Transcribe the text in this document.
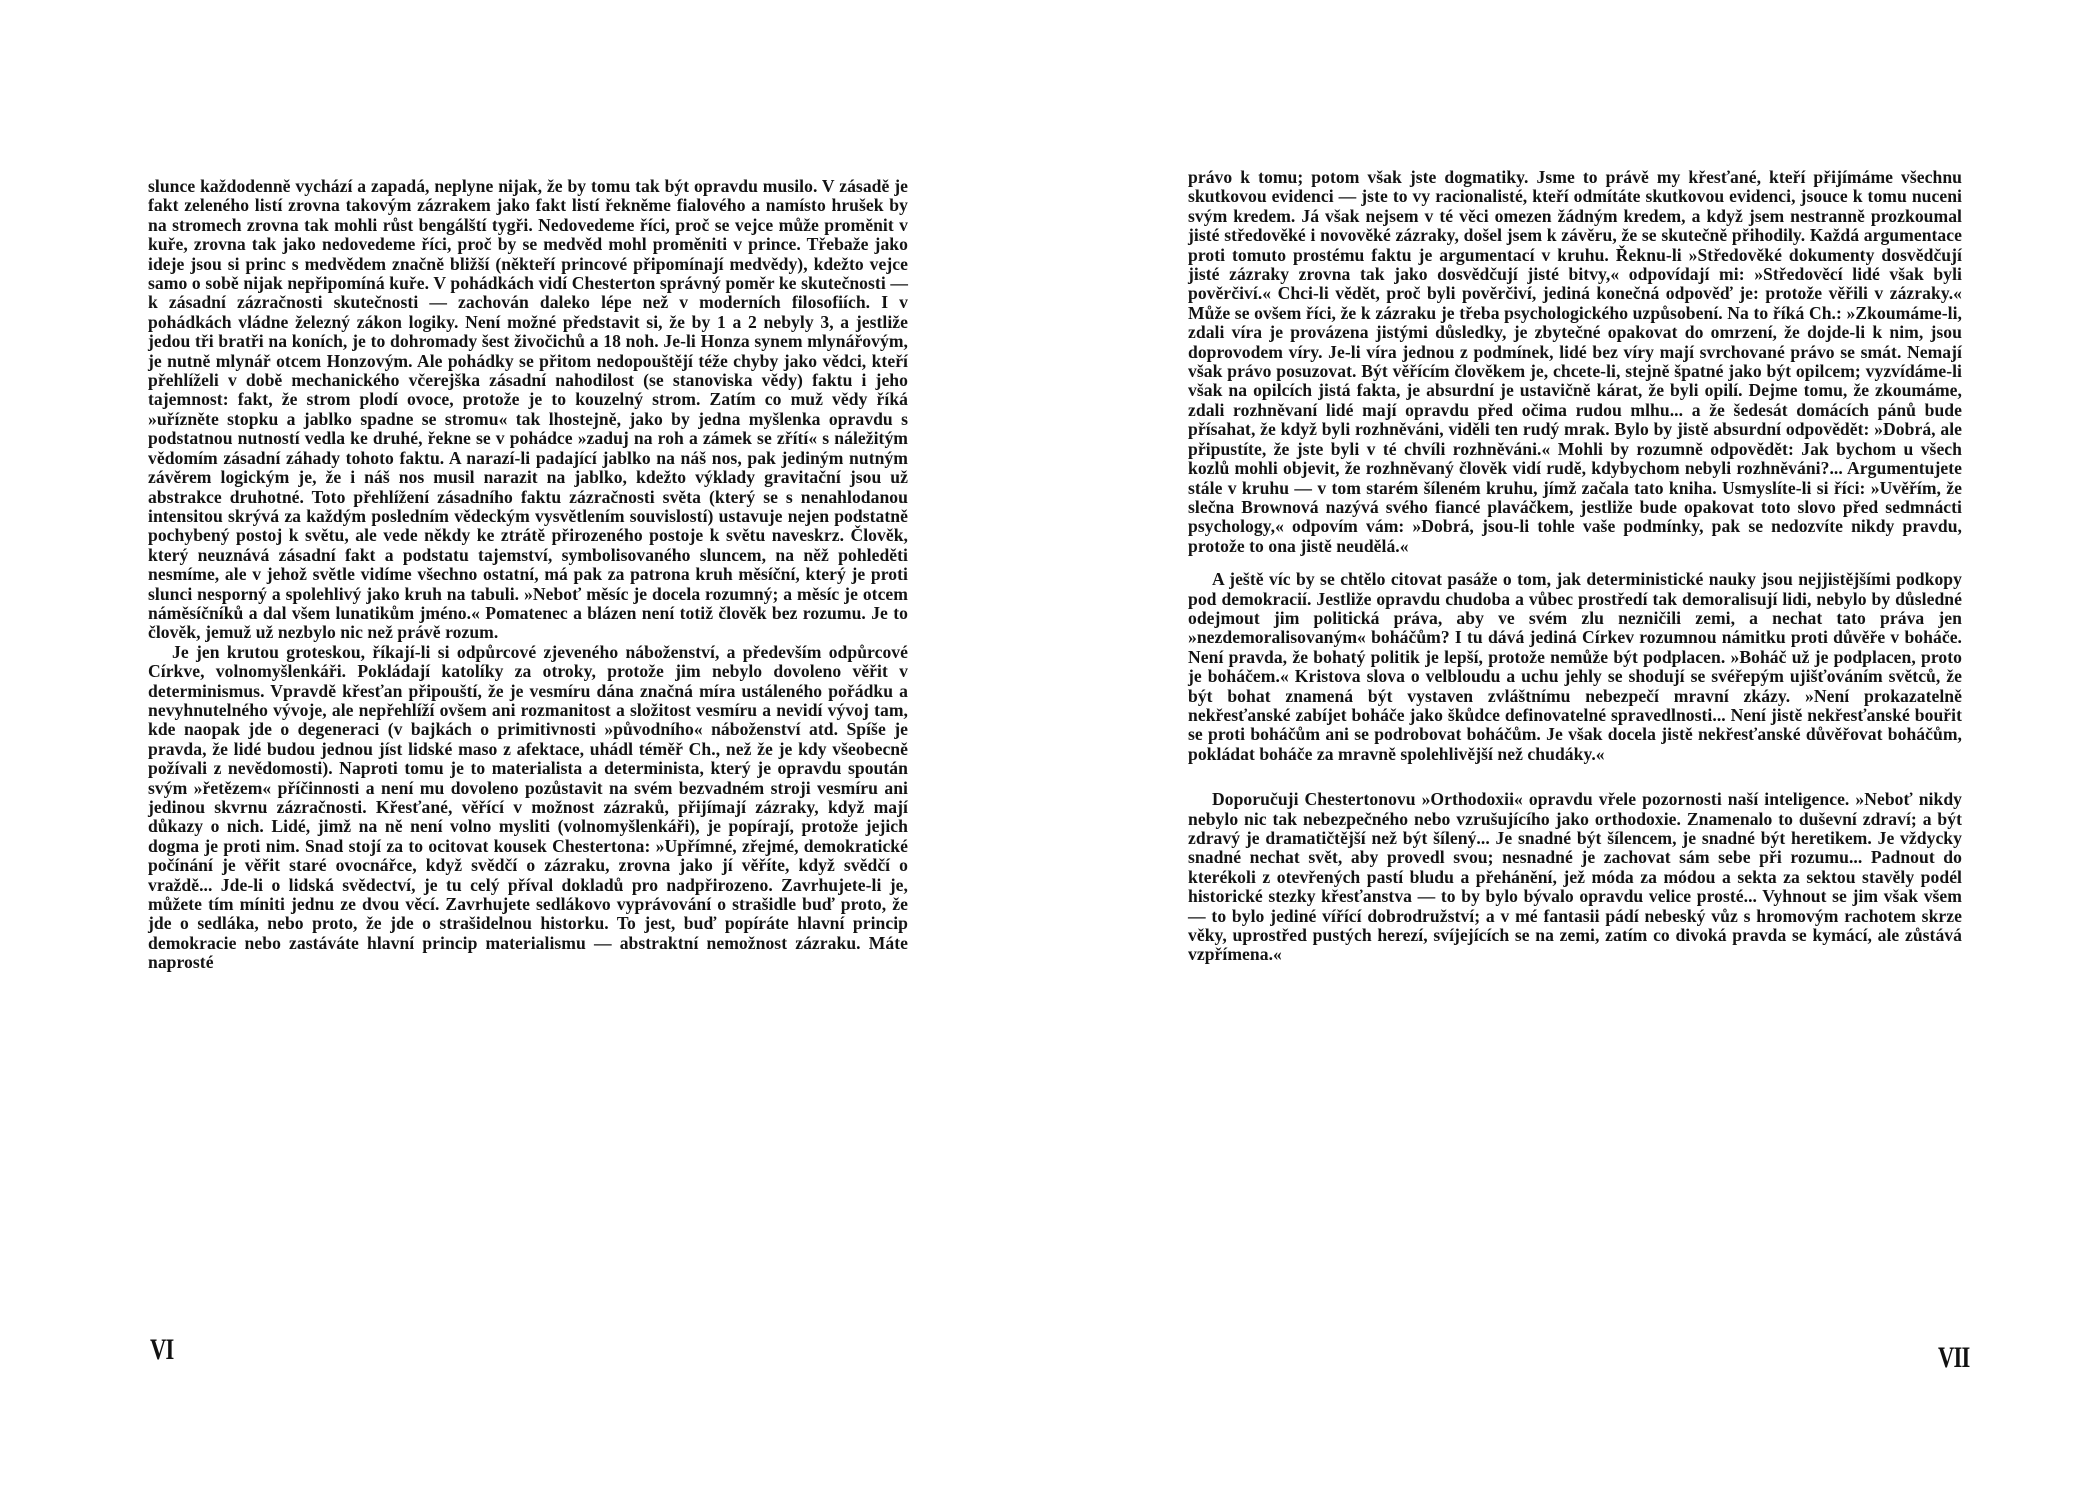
slunce každodenně vychází a zapadá, neplyne nijak, že by tomu tak být opravdu musilo. V zásadě je fakt zeleného listí zrovna takovým zázrakem jako fakt listí řekněme fialového a namísto hrušek by na stromech zrovna tak mohli růst bengálští tygři. Nedovedeme říci, proč se vejce může proměnit v kuře, zrovna tak jako nedovedeme říci, proč by se medvěd mohl proměniti v prince. Třebaže jako ideje jsou si princ s medvědem značně bližší (někteří princové připomínají medvědy), kdežto vejce samo o sobě nijak nepřipomíná kuře. V pohádkách vidí Chesterton správný poměr ke skutečnosti — k zásadní zázračnosti skutečnosti — zachován daleko lépe než v moderních filosofiích. I v pohádkách vládne železný zákon logiky. Není možné představit si, že by 1 a 2 nebyly 3, a jestliže jedou tři bratři na koních, je to dohromady šest živočichů a 18 noh. Je-li Honza synem mlynářovým, je nutně mlynář otcem Honzovým. Ale pohádky se přitom nedopouštějí téže chyby jako vědci, kteří přehlíželi v době mechanického včerejška zásadní nahodilost (se stanoviska vědy) faktu i jeho tajemnost: fakt, že strom plodí ovoce, protože je to kouzelný strom. Zatím co muž vědy říká »uřízněte stopku a jablko spadne se stromu« tak lhostejně, jako by jedna myšlenka opravdu s podstatnou nutností vedla ke druhé, řekne se v pohádce »zaduj na roh a zámek se zřítí« s náležitým vědomím zásadní záhady tohoto faktu. A narazí-li padající jablko na náš nos, pak jediným nutným závěrem logickým je, že i náš nos musil narazit na jablko, kdežto výklady gravitační jsou už abstrakce druhotné. Toto přehlížení zásadního faktu zázračnosti světa (který se s nenahlodanou intensitou skrývá za každým posledním vědeckým vysvětlením souvislostí) ustavuje nejen podstatně pochybený postoj k světu, ale vede někdy ke ztrátě přirozeného postoje k světu naveskrz. Člověk, který neuznává zásadní fakt a podstatu tajemství, symbolisovaného sluncem, na něž pohleděti nesmíme, ale v jehož světle vidíme všechno ostatní, má pak za patrona kruh měsíční, který je proti slunci nesporný a spolehlivý jako kruh na tabuli. »Neboť měsíc je docela rozumný; a měsíc je otcem náměsíčníků a dal všem lunatikům jméno.« Pomatenec a blázen není totiž člověk bez rozumu. Je to člověk, jemuž už nezbylo nic než právě rozum.

Je jen krutou groteskou, říkají-li si odpůrcové zjeveného náboženství, a především odpůrcové Církve, volnomyšlenkáři. Pokládají katolíky za otroky, protože jim nebylo dovoleno věřit v determinismus. Vpravdě křesťan připouští, že je vesmíru dána značná míra ustáleného pořádku a nevyhnutelného vývoje, ale nepřehlíží ovšem ani rozmanitost a složitost vesmíru a nevidí vývoj tam, kde naopak jde o degeneraci (v bajkách o primitivnosti »původního« náboženství atd. Spíše je pravda, že lidé budou jednou jíst lidské maso z afektace, uhádl téměř Ch., než že je kdy všeobecně požívali z nevědomosti). Naproti tomu je to materialista a determinista, který je opravdu spoután svým »řetězem« příčinnosti a není mu dovoleno pozůstavit na svém bezvadném stroji vesmíru ani jedinou skvrnu zázračnosti. Křesťané, věřící v možnost zázraků, přijímají zázraky, když mají důkazy o nich. Lidé, jimž na ně není volno mysliti (volnomyšlenkáři), je popírají, protože jejich dogma je proti nim. Snad stojí za to ocitovat kousek Chestertona: »Upřímné, zřejmé, demokratické počínání je věřit staré ovocnářce, když svědčí o zázraku, zrovna jako jí věříte, když svědčí o vraždě... Jde-li o lidská svědectví, je tu celý příval dokladů pro nadpřirozeno. Zavrhujete-li je, můžete tím míniti jednu ze dvou věcí. Zavrhujete sedlákovo vyprávování o strašidle buď proto, že jde o sedláka, nebo proto, že jde o strašidelnou historku. To jest, buď popíráte hlavní princip demokracie nebo zastáváte hlavní princip materialismu — abstraktní nemožnost zázraku. Máte naprosté

VI

právo k tomu; potom však jste dogmatiky. Jsme to právě my křesťané, kteří přijímáme všechnu skutkovou evidenci — jste to vy racionalisté, kteří odmítáte skutkovou evidenci, jsouce k tomu nuceni svým kredem. Já však nejsem v té věci omezen žádným kredem, a když jsem nestranně prozkoumal jisté středověké i novověké zázraky, došel jsem k závěru, že se skutečně přihodily. Každá argumentace proti tomuto prostému faktu je argumentací v kruhu. Řeknu-li »Středověké dokumenty dosvědčují jisté zázraky zrovna tak jako dosvědčují jisté bitvy,« odpovídají mi: »Středověcí lidé však byli pověrčiví.« Chci-li vědět, proč byli pověrčiví, jediná konečná odpověď je: protože věřili v zázraky.« Může se ovšem říci, že k zázraku je třeba psychologického uzpůsobení. Na to říká Ch.: »Zkoumáme-li, zdali víra je provázena jistými důsledky, je zbytečné opakovat do omrzení, že dojde-li k nim, jsou doprovodem víry. Je-li víra jednou z podmínek, lidé bez víry mají svrchované právo se smát. Nemají však právo posuzovat. Být věřícím člověkem je, chcete-li, stejně špatné jako být opilcem; vyzvídáme-li však na opilcích jistá fakta, je absurdní je ustavičně kárat, že byli opilí. Dejme tomu, že zkoumáme, zdali rozhněvaní lidé mají opravdu před očima rudou mlhu... a že šedesát domácích pánů bude přísahat, že když byli rozhněváni, viděli ten rudý mrak. Bylo by jistě absurdní odpovědět: »Dobrá, ale připustíte, že jste byli v té chvíli rozhněváni.« Mohli by rozumně odpovědět: Jak bychom u všech kozlů mohli objevit, že rozhněvaný člověk vidí rudě, kdybychom nebyli rozhněváni?... Argumentujete stále v kruhu — v tom starém šíleném kruhu, jímž začala tato kniha. Usmyslíte-li si říci: »Uvěřím, že slečna Brownová nazývá svého fiancé plaváčkem, jestliže bude opakovat toto slovo před sedmnácti psychology,« odpovím vám: »Dobrá, jsou-li tohle vaše podmínky, pak se nedozvíte nikdy pravdu, protože to ona jistě neudělá.«

A ještě víc by se chtělo citovat pasáže o tom, jak deterministické nauky jsou nejjistějšími podkopy pod demokracií. Jestliže opravdu chudoba a vůbec prostředí tak demoralisují lidi, nebylo by důsledné odejmout jim politická práva, aby ve svém zlu nezničili zemi, a nechat tato práva jen »nezdemoralisovaným« boháčům? I tu dává jediná Církev rozumnou námitku proti důvěře v boháče. Není pravda, že bohatý politik je lepší, protože nemůže být podplacen. »Boháč už je podplacen, proto je boháčem.« Kristova slova o velbloudu a uchu jehly se shodují se svéřepým ujišťováním světců, že být bohat znamená být vystaven zvláštnímu nebezpečí mravní zkázy. »Není prokazatelně nekřesťanské zabíjet boháče jako škůdce definovatelné spravedlnosti... Není jistě nekřesťanské bouřit se proti boháčům ani se podrobovat boháčům. Je však docela jistě nekřesťanské důvěřovat boháčům, pokládat boháče za mravně spolehlivější než chudáky.«

Doporučuji Chestertonovu »Orthodoxii« opravdu vřele pozornosti naší inteligence. »Neboť nikdy nebylo nic tak nebezpečného nebo vzrušujícího jako orthodoxie. Znamenalo to duševní zdraví; a být zdravý je dramatičtější než být šílený... Je snadné být šílencem, je snadné být heretikem. Je vždycky snadné nechat svět, aby provedl svou; nesnadné je zachovat sám sebe při rozumu... Padnout do kterékoli z otevřených pastí bludu a přehánění, jež móda za módou a sekta za sektou stavěly podél historické stezky křesťanstva — to by bylo bývalo opravdu velice prosté... Vyhnout se jim však všem — to bylo jediné vířící dobrodružství; a v mé fantasii pádí nebeský vůz s hromovým rachotem skrze věky, uprostřed pustých herezí, svíjejících se na zemi, zatím co divoká pravda se kymácí, ale zůstává vzpřímena.«

VII
